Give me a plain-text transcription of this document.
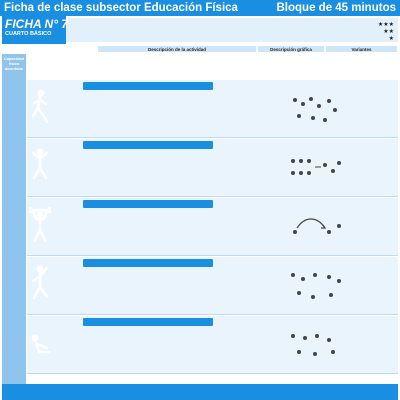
Ficha de clase subsector Educación Física	Bloque de 45 minutos
FICHA N° 7
CUARTO BÁSICO
★★★
★★
★
Descripción de la actividad	Descripción gráfica	Variantes
Capacidad física abordada
